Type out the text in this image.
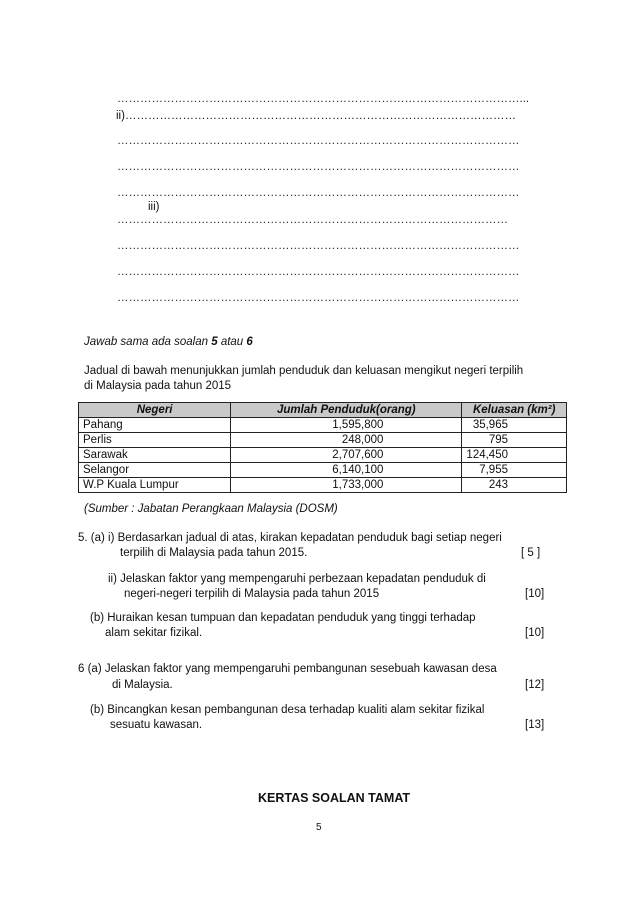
……………………………………………………………………………………………...
ii)…………………………………………………………………………………………
……………………………………………………………………………………………
……………………………………………………………………………………………
……………………………………………………………………………………………
iii)
…………………………………………………………………………………………
……………………………………………………………………………………………
……………………………………………………………………………………………
……………………………………………………………………………………………
Jawab sama ada soalan 5 atau 6
Jadual di bawah menunjukkan jumlah penduduk dan keluasan mengikut negeri terpilih
di Malaysia pada tahun 2015
Negeri	Jumlah Penduduk(orang)	Keluasan (km²)
Pahang	1,595,800	35,965
Perlis	248,000	795
Sarawak	2,707,600	124,450
Selangor	6,140,100	7,955
W.P Kuala Lumpur	1,733,000	243
(Sumber : Jabatan Perangkaan Malaysia (DOSM)
5. (a) i) Berdasarkan jadual di atas, kirakan kepadatan penduduk bagi setiap negeri
terpilih di Malaysia pada tahun 2015.	[ 5 ]
ii) Jelaskan faktor yang mempengaruhi perbezaan kepadatan penduduk di
negeri-negeri terpilih di Malaysia pada tahun 2015	[10]
(b) Huraikan kesan tumpuan dan kepadatan penduduk yang tinggi terhadap
alam sekitar fizikal.	[10]
6 (a) Jelaskan faktor yang mempengaruhi pembangunan sesebuah kawasan desa
di Malaysia.	[12]
(b) Bincangkan kesan pembangunan desa terhadap kualiti alam sekitar fizikal
sesuatu kawasan.	[13]
KERTAS SOALAN TAMAT
5
